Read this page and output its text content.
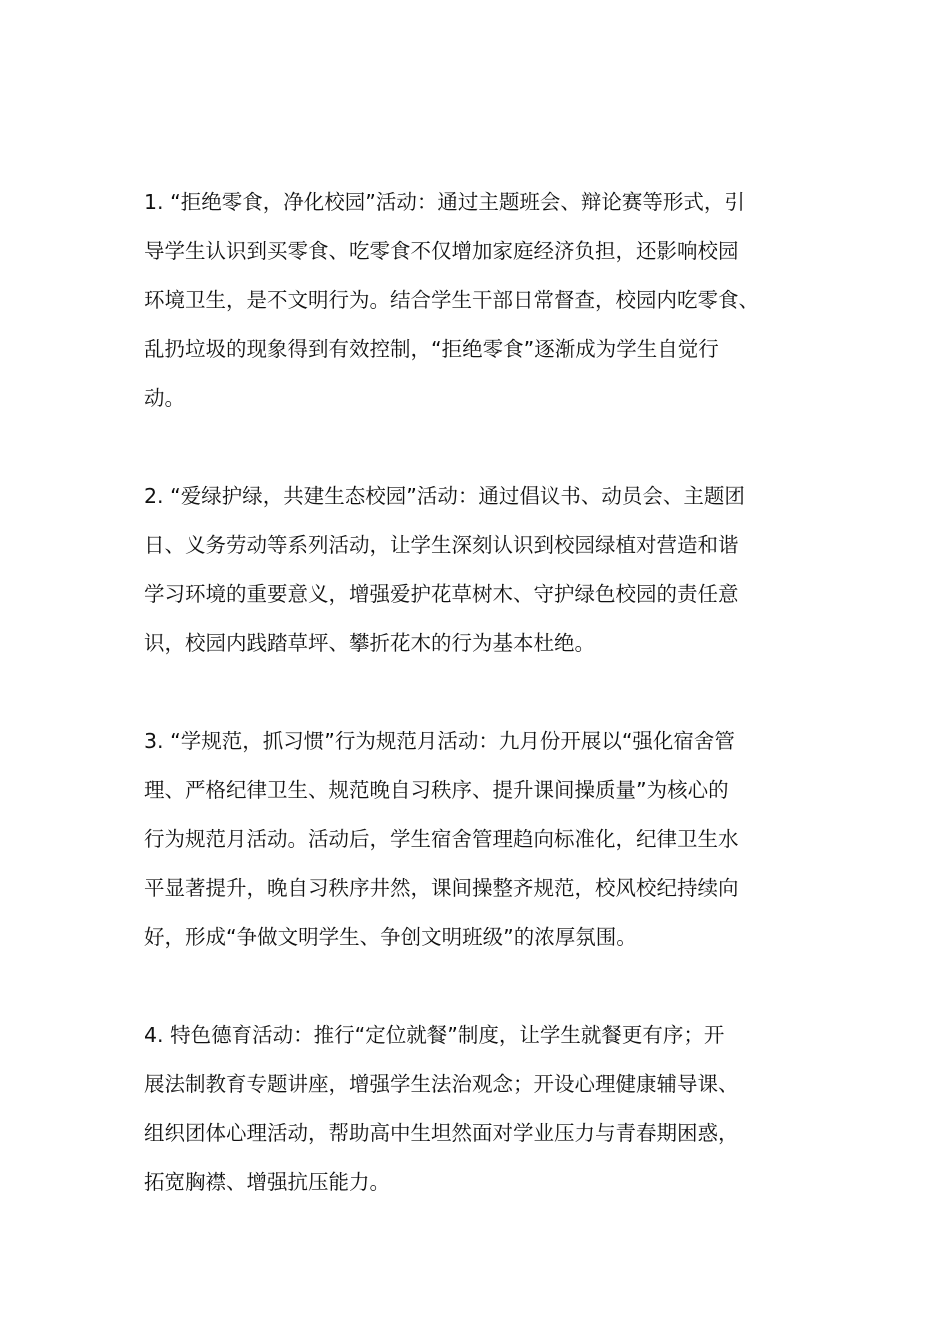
1. “拒绝零食，净化校园”活动：通过主题班会、辩论赛等形式，引
导学生认识到买零食、吃零食不仅增加家庭经济负担，还影响校园
环境卫生，是不文明行为。结合学生干部日常督查，校园内吃零食、
乱扔垃圾的现象得到有效控制，“拒绝零食”逐渐成为学生自觉行
动。

2. “爱绿护绿，共建生态校园”活动：通过倡议书、动员会、主题团
日、义务劳动等系列活动，让学生深刻认识到校园绿植对营造和谐
学习环境的重要意义，增强爱护花草树木、守护绿色校园的责任意
识，校园内践踏草坪、攀折花木的行为基本杜绝。

3. “学规范，抓习惯”行为规范月活动：九月份开展以“强化宿舍管
理、严格纪律卫生、规范晚自习秩序、提升课间操质量”为核心的
行为规范月活动。活动后，学生宿舍管理趋向标准化，纪律卫生水
平显著提升，晚自习秩序井然，课间操整齐规范，校风校纪持续向
好，形成“争做文明学生、争创文明班级”的浓厚氛围。

4. 特色德育活动：推行“定位就餐”制度，让学生就餐更有序；开
展法制教育专题讲座，增强学生法治观念；开设心理健康辅导课、
组织团体心理活动，帮助高中生坦然面对学业压力与青春期困惑，
拓宽胸襟、增强抗压能力。
